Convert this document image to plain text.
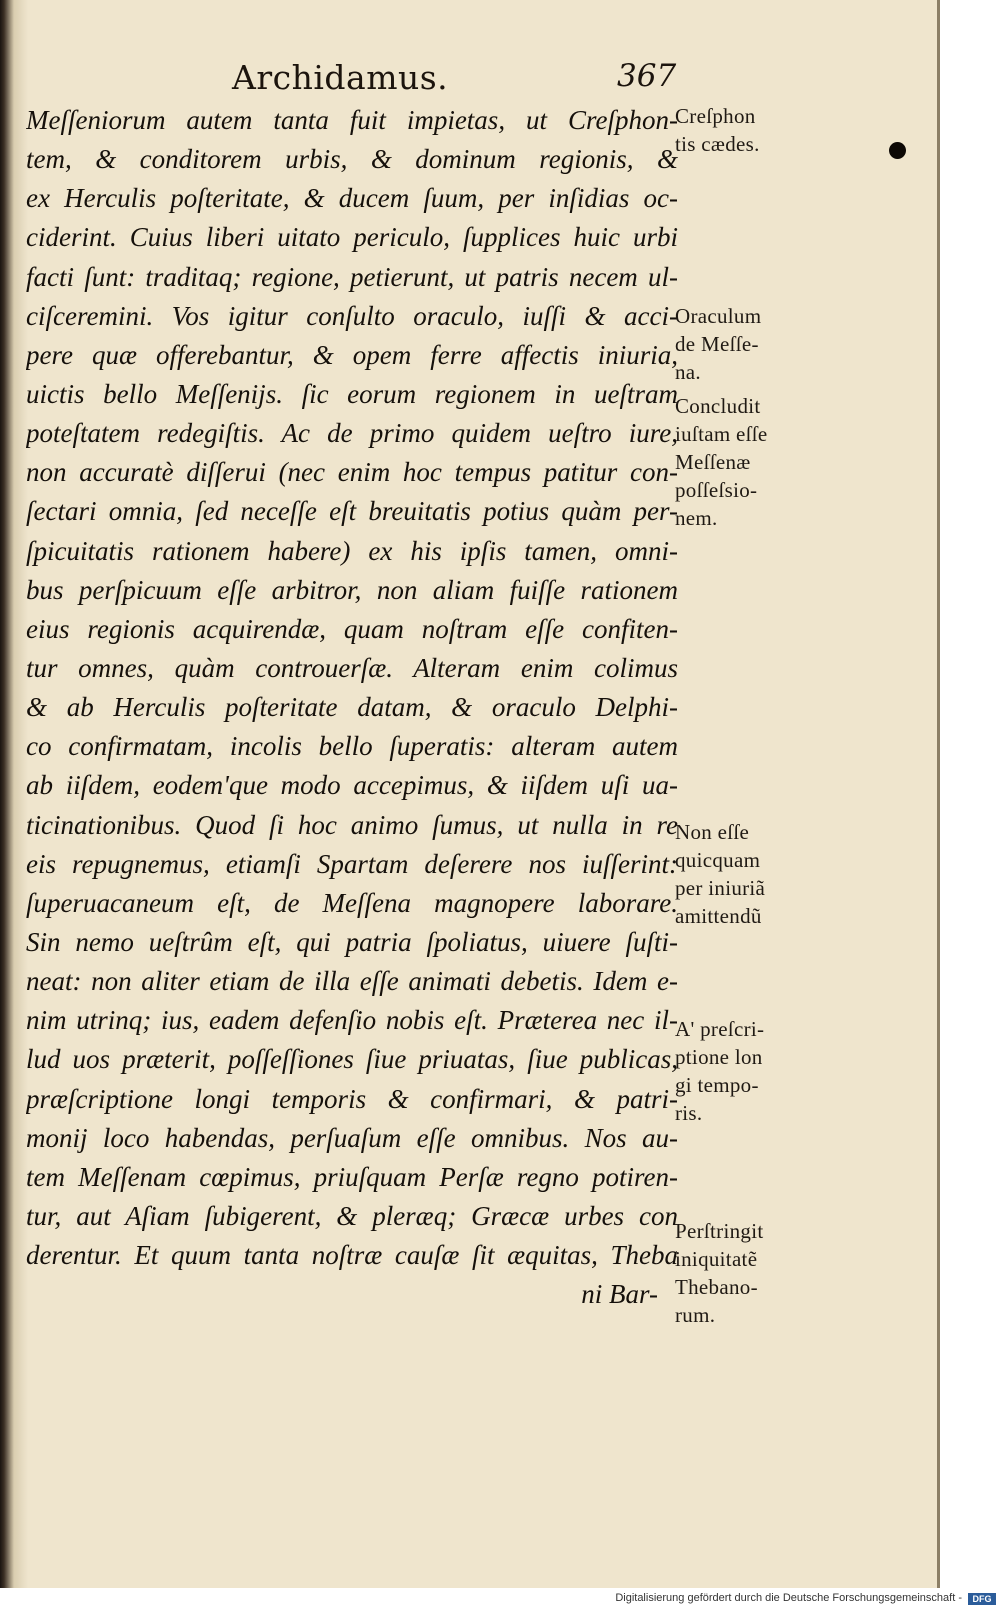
Archidamus.	367
Meſſeniorum autem tanta fuit impietas, ut Creſphon-
tem, & conditorem urbis, & dominum regionis, &
ex Herculis poſteritate, & ducem ſuum, per inſidias oc-
ciderint. Cuius liberi uitato periculo, ſupplices huic urbi
facti ſunt: traditaq; regione, petierunt, ut patris necem ul-
ciſceremini. Vos igitur conſulto oraculo, iuſſi & acci-
pere quæ offerebantur, & opem ferre affectis iniuria,
uictis bello Meſſenijs. ſic eorum regionem in ueſtram
poteſtatem redegiſtis. Ac de primo quidem ueſtro iure,
non accuratè diſſerui (nec enim hoc tempus patitur con-
ſectari omnia, ſed neceſſe eſt breuitatis potius quàm per-
ſpicuitatis rationem habere) ex his ipſis tamen, omni-
bus perſpicuum eſſe arbitror, non aliam fuiſſe rationem
eius regionis acquirendæ, quam noſtram eſſe confiten-
tur omnes, quàm controuerſæ. Alteram enim colimus
& ab Herculis poſteritate datam, & oraculo Delphi-
co confirmatam, incolis bello ſuperatis: alteram autem
ab iiſdem, eodem'que modo accepimus, & iiſdem uſi ua-
ticinationibus. Quod ſi hoc animo ſumus, ut nulla in re
eis repugnemus, etiamſi Spartam deſerere nos iuſſerint:
ſuperuacaneum eſt, de Meſſena magnopere laborare.
Sin nemo ueſtrûm eſt, qui patria ſpoliatus, uiuere ſuſti-
neat: non aliter etiam de illa eſſe animati debetis. Idem e-
nim utrinq; ius, eadem defenſio nobis eſt. Præterea nec il-
lud uos præterit, poſſeſſiones ſiue priuatas, ſiue publicas,
præſcriptione longi temporis & confirmari, & patri-
monij loco habendas, perſuaſum eſſe omnibus. Nos au-
tem Meſſenam cœpimus, priuſquam Perſæ regno potiren-
tur, aut Aſiam ſubigerent, & pleræq; Græcæ urbes con
derentur. Et quum tanta noſtræ cauſæ ſit æquitas, Theba
ni Bar-
Creſphon
tis cædes.
Oraculum
de Meſſe-
na.
Concludit
iuſtam eſſe
Meſſenæ
poſſeſsio-
nem.
Non eſſe
quicquam
per iniuriã
amittendũ
A' preſcri-
ptione lon
gi tempo-
ris.
Perſtringit
iniquitatẽ
Thebano-
rum.
Digitalisierung gefördert durch die Deutsche Forschungsgemeinschaft -	DFG
